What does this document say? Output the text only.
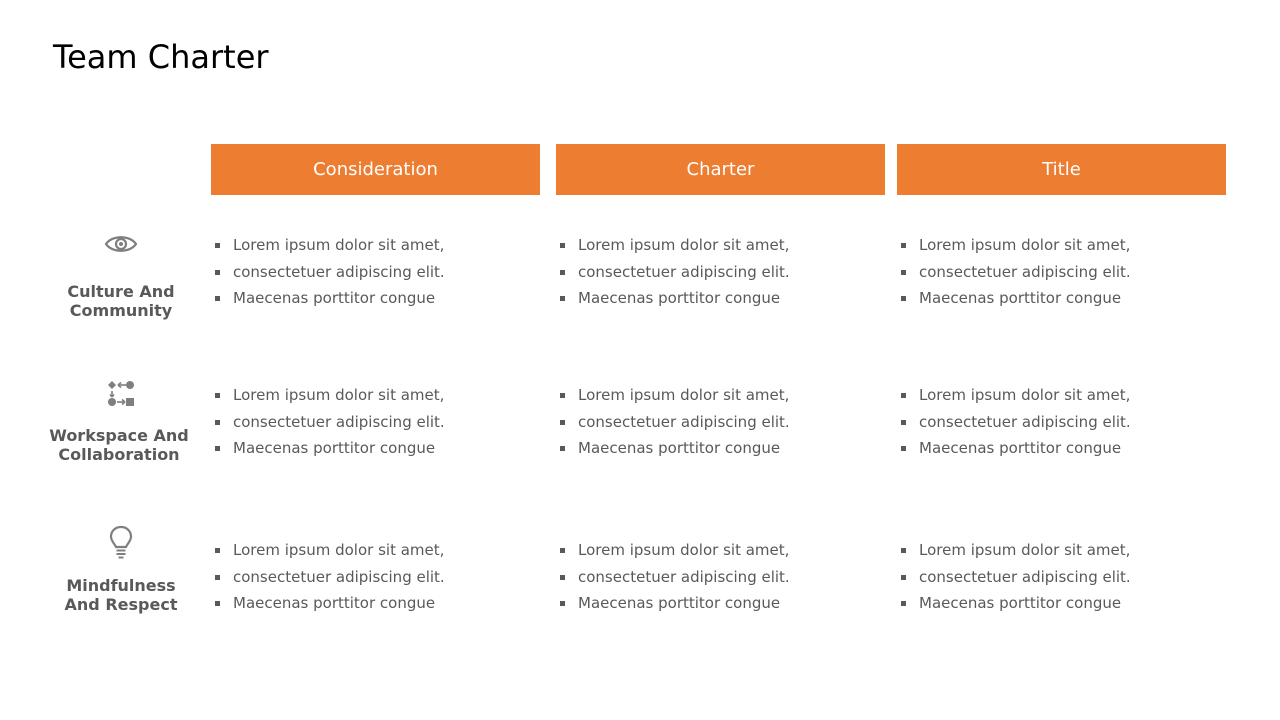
Team Charter
Consideration	Charter	Title
Culture And
Community
Lorem ipsum dolor sit amet,
consectetuer adipiscing elit.
Maecenas porttitor congue
Lorem ipsum dolor sit amet,
consectetuer adipiscing elit.
Maecenas porttitor congue
Lorem ipsum dolor sit amet,
consectetuer adipiscing elit.
Maecenas porttitor congue
Workspace And
Collaboration
Lorem ipsum dolor sit amet,
consectetuer adipiscing elit.
Maecenas porttitor congue
Lorem ipsum dolor sit amet,
consectetuer adipiscing elit.
Maecenas porttitor congue
Lorem ipsum dolor sit amet,
consectetuer adipiscing elit.
Maecenas porttitor congue
Mindfulness
And Respect
Lorem ipsum dolor sit amet,
consectetuer adipiscing elit.
Maecenas porttitor congue
Lorem ipsum dolor sit amet,
consectetuer adipiscing elit.
Maecenas porttitor congue
Lorem ipsum dolor sit amet,
consectetuer adipiscing elit.
Maecenas porttitor congue
